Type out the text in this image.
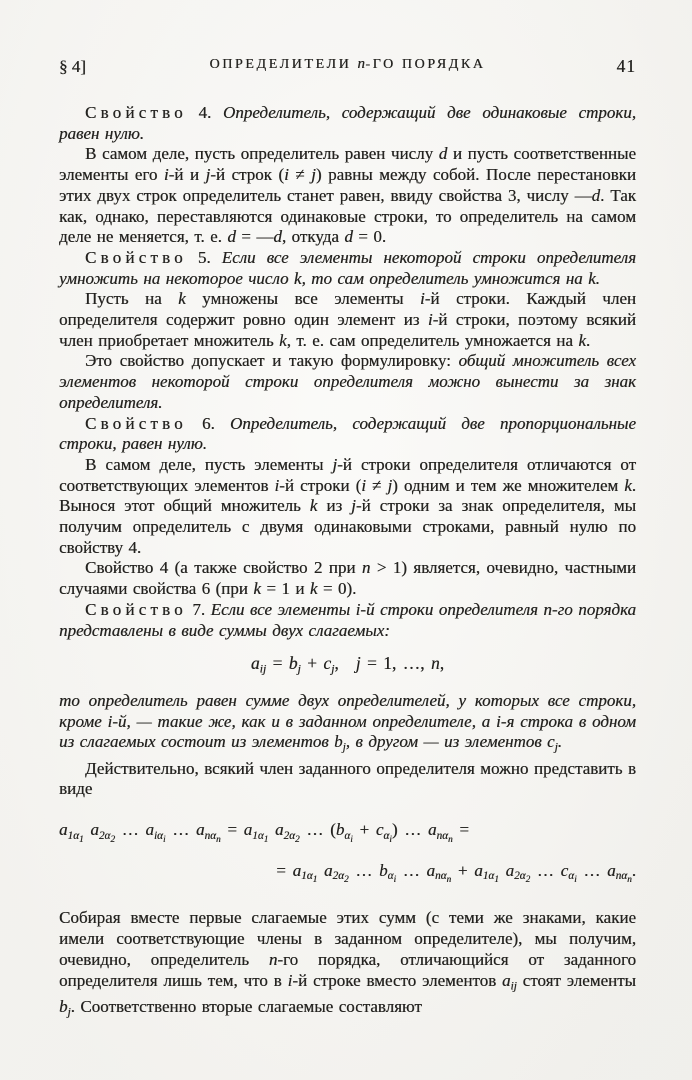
§ 4]	ОПРЕДЕЛИТЕЛИ n-ГО ПОРЯДКА	41

Свойство 4. Определитель, содержащий две одинаковые строки, равен нулю.

В самом деле, пусть определитель равен числу d и пусть соответственные элементы его i-й и j-й строк (i ≠ j) равны между собой. После перестановки этих двух строк определитель станет равен, ввиду свойства 3, числу —d. Так как, однако, переставляются одинаковые строки, то определитель на самом деле не меняется, т. е. d = —d, откуда d = 0.

Свойство 5. Если все элементы некоторой строки определителя умножить на некоторое число k, то сам определитель умножится на k.

Пусть на k умножены все элементы i-й строки. Каждый член определителя содержит ровно один элемент из i-й строки, поэтому всякий член приобретает множитель k, т. е. сам определитель умножается на k.

Это свойство допускает и такую формулировку: общий множитель всех элементов некоторой строки определителя можно вынести за знак определителя.

Свойство 6. Определитель, содержащий две пропорциональные строки, равен нулю.

В самом деле, пусть элементы j-й строки определителя отличаются от соответствующих элементов i-й строки (i ≠ j) одним и тем же множителем k. Вынося этот общий множитель k из j-й строки за знак определителя, мы получим определитель с двумя одинаковыми строками, равный нулю по свойству 4.

Свойство 4 (а также свойство 2 при n > 1) является, очевидно, частными случаями свойства 6 (при k = 1 и k = 0).

Свойство 7. Если все элементы i-й строки определителя n-го порядка представлены в виде суммы двух слагаемых:

$a_{ij} = b_j + c_j$, j = 1, …, n,

то определитель равен сумме двух определителей, у которых все строки, кроме i-й, — такие же, как и в заданном определителе, а i-я строка в одном из слагаемых состоит из элементов $b_j$, в другом — из элементов $c_j$.

Действительно, всякий член заданного определителя можно представить в виде

$a_{1\alpha_1}$ $a_{2\alpha_2}$ … $a_{i\alpha_i}$ … $a_{n\alpha_n} = a_{1\alpha_1}$ $a_{2\alpha_2}$ … $(b_{\alpha_i} + c_{\alpha_i})$ … $a_{n\alpha_n}$ =
= $a_{1\alpha_1}$ $a_{2\alpha_2}$ … $b_{\alpha_i}$ … $a_{n\alpha_n} + a_{1\alpha_1}$ $a_{2\alpha_2}$ … $c_{\alpha_i}$ … $a_{n\alpha_n}$.

Собирая вместе первые слагаемые этих сумм (с теми же знаками, какие имели соответствующие члены в заданном определителе), мы получим, очевидно, определитель n-го порядка, отличающийся от заданного определителя лишь тем, что в i-й строке вместо элементов $a_{ij}$ стоят элементы $b_j$. Соответственно вторые слагаемые составляют
